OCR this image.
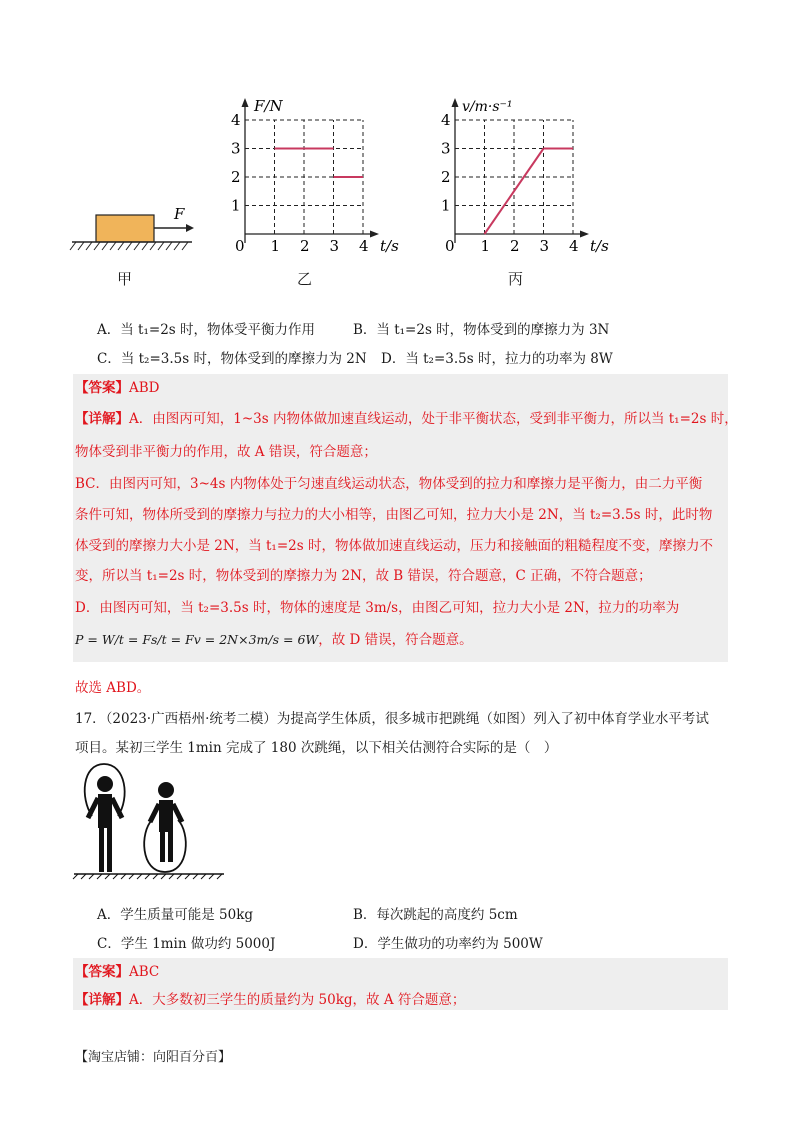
F
甲
F/N
t/s
0 1 2 3 4
1
2
3
4
乙
v/m·s⁻¹
t/s
0 1 2 3 4
1
2
3
4
丙
A．当 t₁=2s 时，物体受平衡力作用	B．当 t₁=2s 时，物体受到的摩擦力为 3N
C．当 t₂=3.5s 时，物体受到的摩擦力为 2N D．当 t₂=3.5s 时，拉力的功率为 8W
【答案】ABD
【详解】A．由图丙可知，1~3s 内物体做加速直线运动，处于非平衡状态，受到非平衡力，所以当 t₁=2s 时，
物体受到非平衡力的作用，故 A 错误，符合题意；
BC．由图丙可知，3~4s 内物体处于匀速直线运动状态，物体受到的拉力和摩擦力是平衡力，由二力平衡
条件可知，物体所受到的摩擦力与拉力的大小相等，由图乙可知，拉力大小是 2N，当 t₂=3.5s 时，此时物
体受到的摩擦力大小是 2N，当 t₁=2s 时，物体做加速直线运动，压力和接触面的粗糙程度不变，摩擦力不
变，所以当 t₁=2s 时，物体受到的摩擦力为 2N，故 B 错误，符合题意，C 正确，不符合题意；
D．由图丙可知，当 t₂=3.5s 时，物体的速度是 3m/s，由图乙可知，拉力大小是 2N，拉力的功率为
P = W/t = Fs/t = Fv = 2N×3m/s = 6W，故 D 错误，符合题意。
故选 ABD。
17．（2023·广西梧州·统考二模）为提高学生体质，很多城市把跳绳（如图）列入了初中体育学业水平考试
项目。某初三学生 1min 完成了 180 次跳绳，以下相关估测符合实际的是（　）
A．学生质量可能是 50kg	B．每次跳起的高度约 5cm
C．学生 1min 做功约 5000J	D．学生做功的功率约为 500W
【答案】ABC
【详解】A．大多数初三学生的质量约为 50kg，故 A 符合题意；
【淘宝店铺：向阳百分百】
